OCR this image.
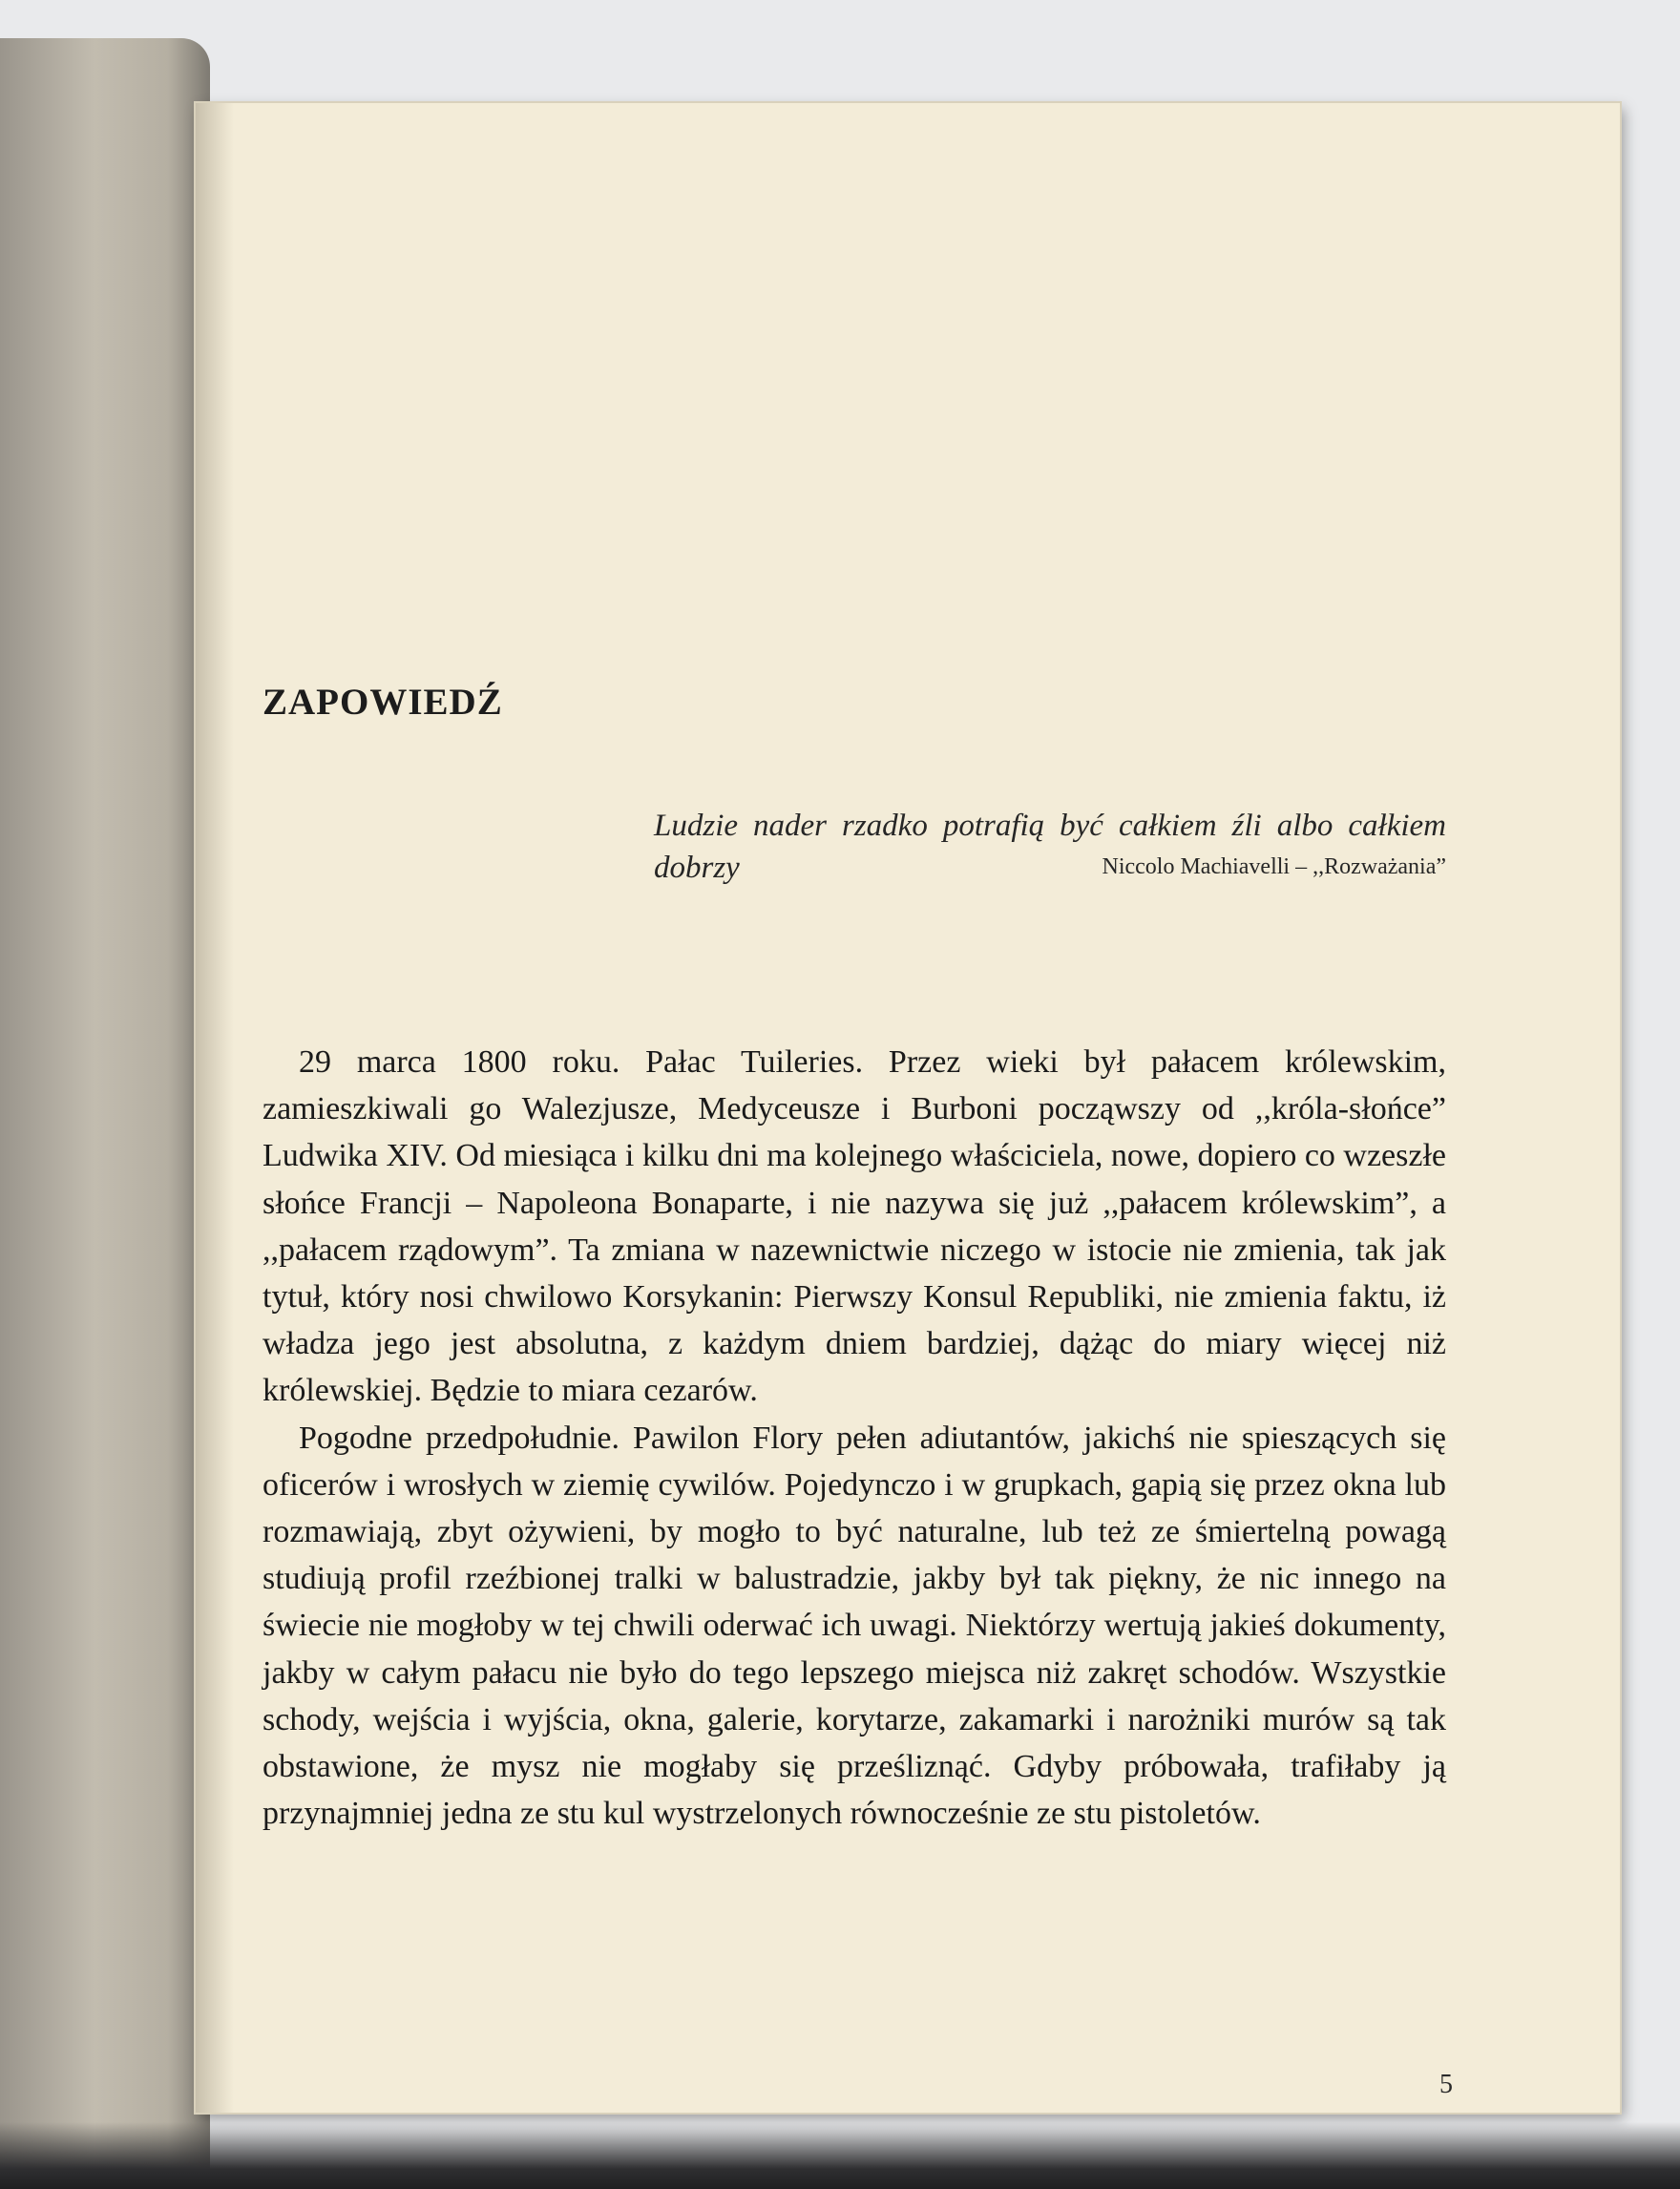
ZAPOWIEDŹ
Ludzie nader rzadko potrafią być całkiem źli albo całkiem dobrzy	Niccolo Machiavelli – ,,Rozważania”

29 marca 1800 roku. Pałac Tuileries. Przez wieki był pałacem królewskim, zamieszkiwali go Walezjusze, Medyceusze i Burboni począwszy od ,,króla-słońce” Ludwika XIV. Od miesiąca i kilku dni ma kolejnego właściciela, nowe, dopiero co wzeszłe słońce Francji – Napoleona Bonaparte, i nie nazywa się już ,,pałacem królewskim”, a ,,pałacem rządowym”. Ta zmiana w nazewnictwie niczego w istocie nie zmienia, tak jak tytuł, który nosi chwilowo Korsykanin: Pierwszy Konsul Republiki, nie zmienia faktu, iż władza jego jest absolutna, z każdym dniem bardziej, dążąc do miary więcej niż królewskiej. Będzie to miara cezarów.

Pogodne przedpołudnie. Pawilon Flory pełen adiutantów, jakichś nie spieszących się oficerów i wrosłych w ziemię cywilów. Pojedynczo i w grupkach, gapią się przez okna lub rozmawiają, zbyt ożywieni, by mogło to być naturalne, lub też ze śmiertelną powagą studiują profil rzeźbionej tralki w balustradzie, jakby był tak piękny, że nic innego na świecie nie mogłoby w tej chwili oderwać ich uwagi. Niektórzy wertują jakieś dokumenty, jakby w całym pałacu nie było do tego lepszego miejsca niż zakręt schodów. Wszystkie schody, wejścia i wyjścia, okna, galerie, korytarze, zakamarki i narożniki murów są tak obstawione, że mysz nie mogłaby się prześliznąć. Gdyby próbowała, trafiłaby ją przynajmniej jedna ze stu kul wystrzelonych równocześnie ze stu pistoletów.

5
